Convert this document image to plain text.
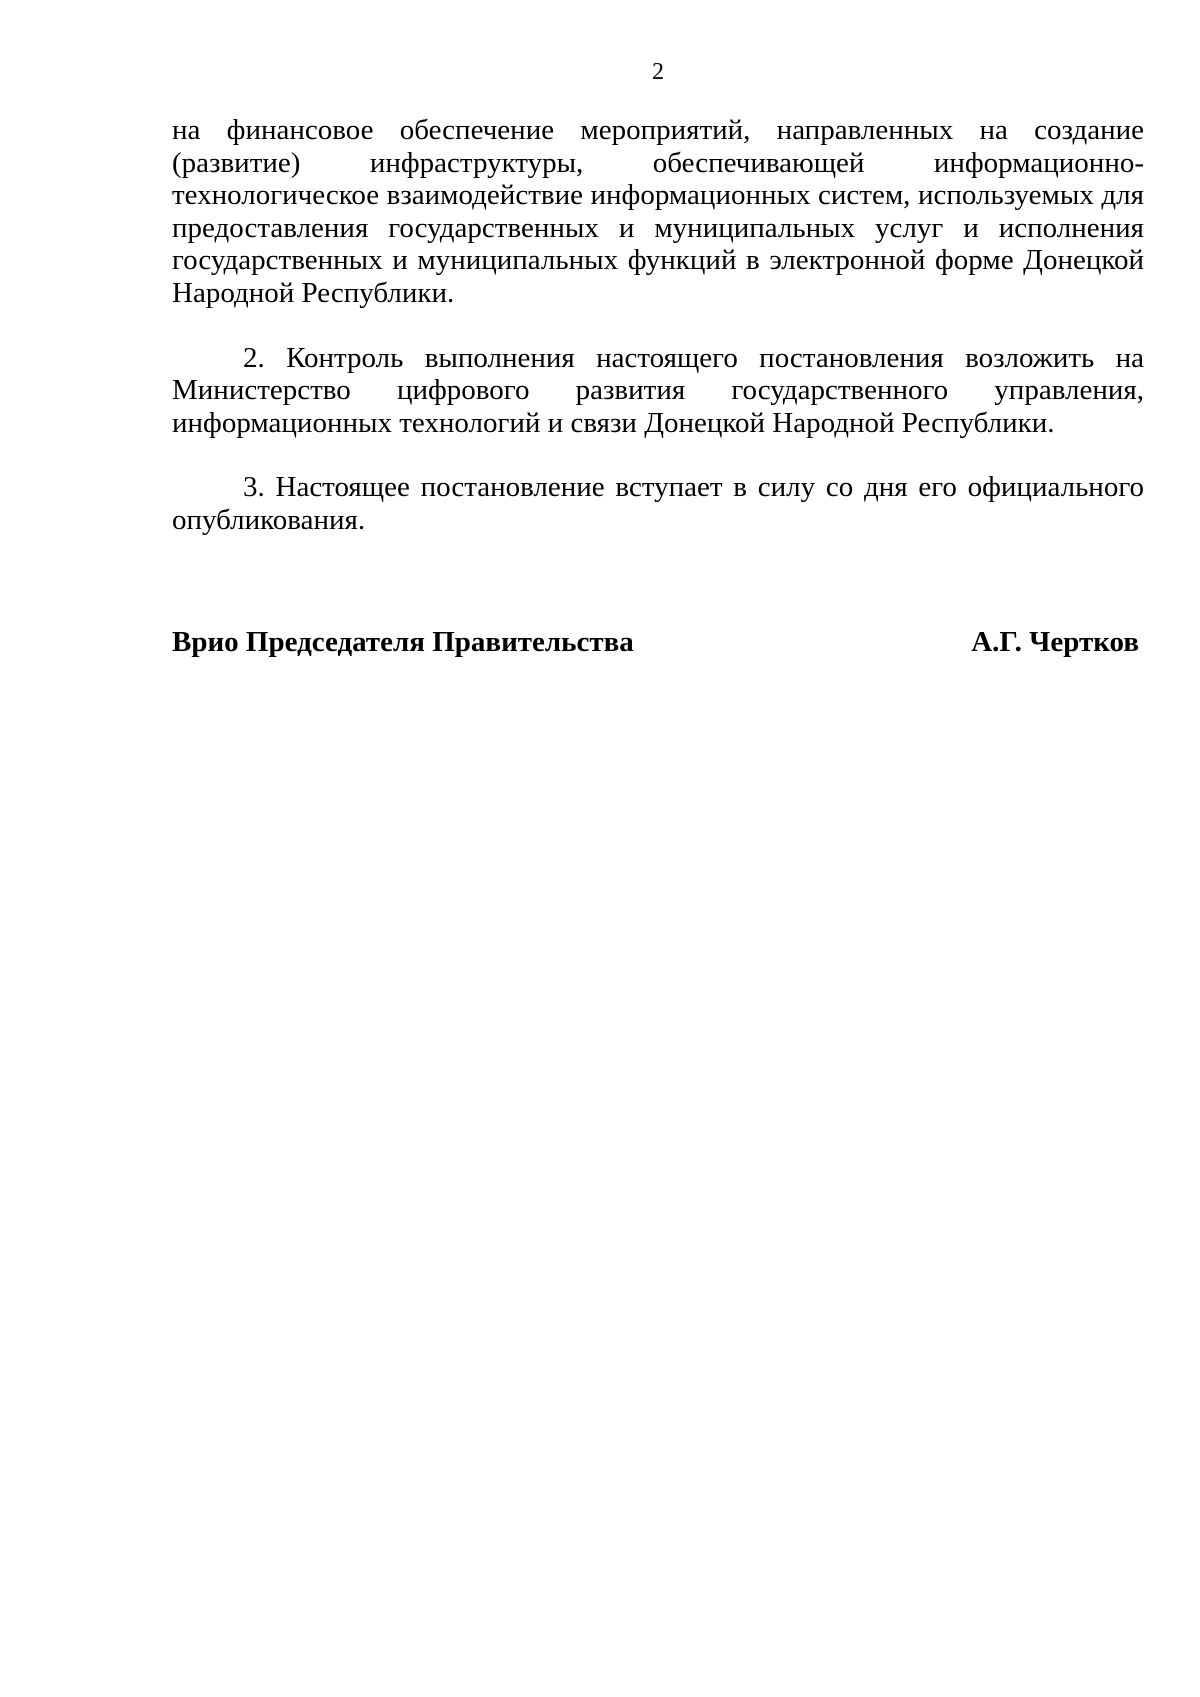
2

на финансовое обеспечение мероприятий, направленных на создание (развитие) инфраструктуры, обеспечивающей информационно-технологическое взаимодействие информационных систем, используемых для предоставления государственных и муниципальных услуг и исполнения государственных и муниципальных функций в электронной форме Донецкой Народной Республики.

2. Контроль выполнения настоящего постановления возложить на Министерство цифрового развития государственного управления, информационных технологий и связи Донецкой Народной Республики.

3. Настоящее постановление вступает в силу со дня его официального опубликования.

Врио Председателя Правительства	А.Г. Чертков
